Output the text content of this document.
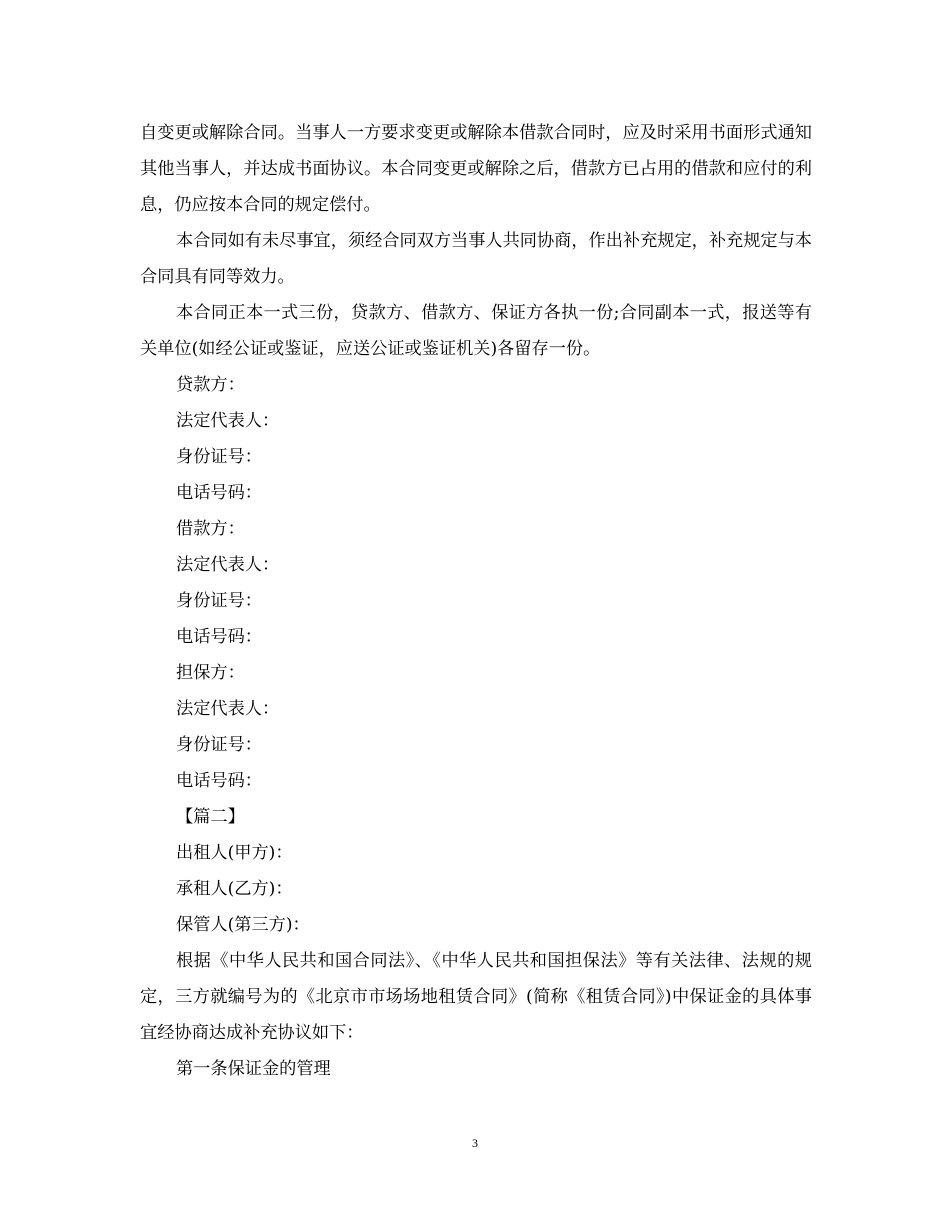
自变更或解除合同。当事人一方要求变更或解除本借款合同时，应及时采用书面形式通知其他当事人，并达成书面协议。本合同变更或解除之后，借款方已占用的借款和应付的利息，仍应按本合同的规定偿付。

本合同如有未尽事宜，须经合同双方当事人共同协商，作出补充规定，补充规定与本合同具有同等效力。

本合同正本一式三份，贷款方、借款方、保证方各执一份;合同副本一式，报送等有关单位(如经公证或鉴证，应送公证或鉴证机关)各留存一份。

贷款方：

法定代表人：

身份证号：

电话号码：

借款方：

法定代表人：

身份证号：

电话号码：

担保方：

法定代表人：

身份证号：

电话号码：

【篇二】

出租人(甲方)：

承租人(乙方)：

保管人(第三方)：

根据《中华人民共和国合同法》、《中华人民共和国担保法》等有关法律、法规的规定，三方就编号为的《北京市市场场地租赁合同》(简称《租赁合同》)中保证金的具体事宜经协商达成补充协议如下：

第一条保证金的管理

3
